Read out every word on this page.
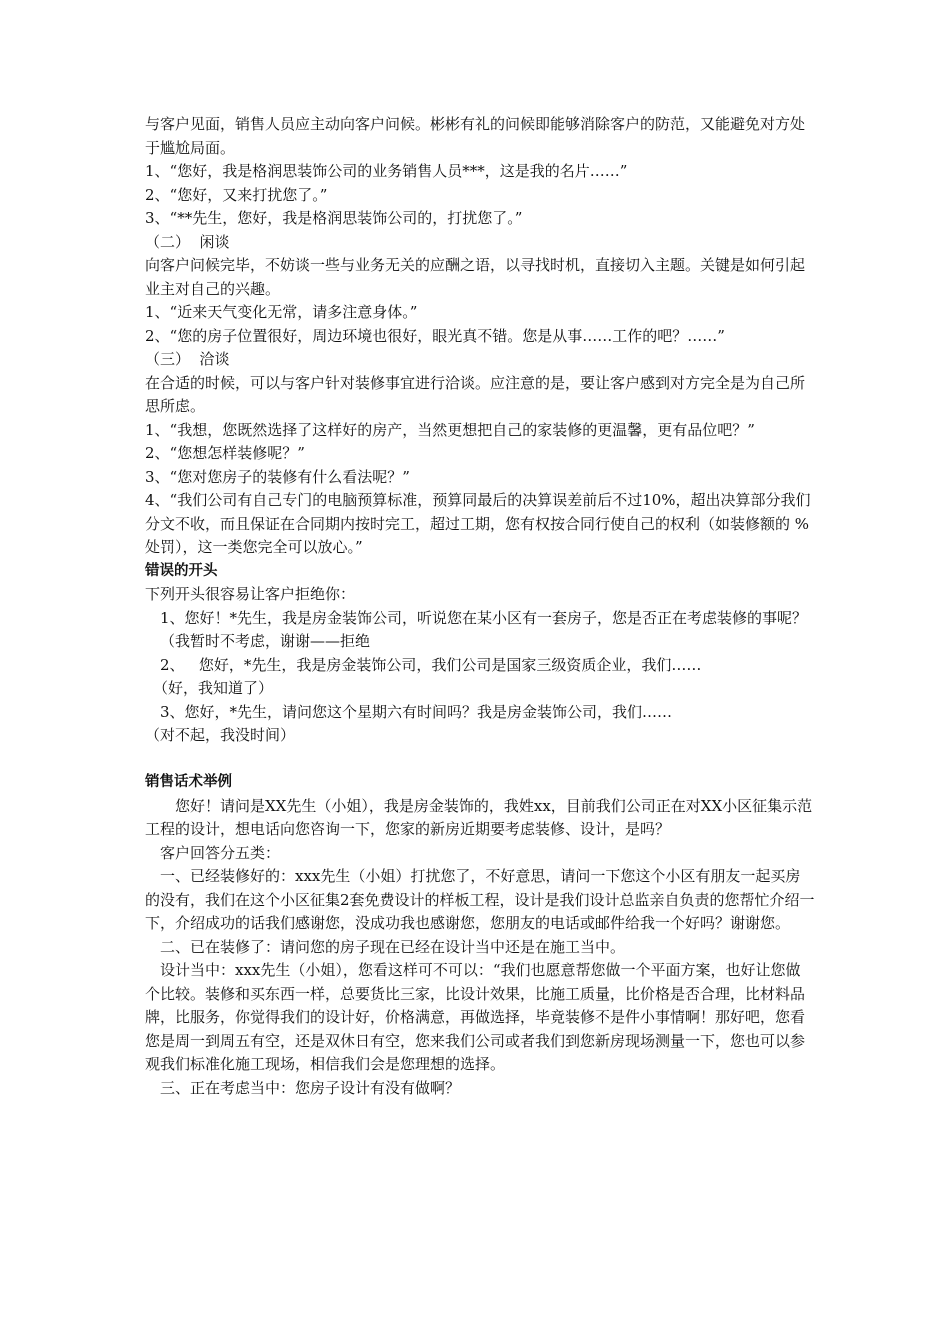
与客户见面，销售人员应主动向客户问候。彬彬有礼的问候即能够消除客户的防范，又能避免对方处于尴尬局面。

1、“您好，我是格润思装饰公司的业务销售人员***，这是我的名片……”

2、“您好，又来打扰您了。”

3、“**先生，您好，我是格润思装饰公司的，打扰您了。”

（二）  闲谈

向客户问候完毕，不妨谈一些与业务无关的应酬之语，以寻找时机，直接切入主题。关键是如何引起业主对自己的兴趣。

1、“近来天气变化无常，请多注意身体。”

2、“您的房子位置很好，周边环境也很好，眼光真不错。您是从事……工作的吧？……”

（三）  洽谈

在合适的时候，可以与客户针对装修事宜进行洽谈。应注意的是，要让客户感到对方完全是为自己所思所虑。

1、“我想，您既然选择了这样好的房产，当然更想把自己的家装修的更温馨，更有品位吧？”

2、“您想怎样装修呢？”

3、“您对您房子的装修有什么看法呢？”

4、“我们公司有自己专门的电脑预算标准，预算同最后的决算误差前后不过10%，超出决算部分我们分文不收，而且保证在合同期内按时完工，超过工期，您有权按合同行使自己的权利（如装修额的 %处罚），这一类您完全可以放心。”

错误的开头

下列开头很容易让客户拒绝你：

1、您好！*先生，我是房金装饰公司，听说您在某小区有一套房子，您是否正在考虑装修的事呢？（我暂时不考虑，谢谢——拒绝

2、   您好，*先生，我是房金装饰公司，我们公司是国家三级资质企业，我们……

（好，我知道了）

3、您好，*先生，请问您这个星期六有时间吗？我是房金装饰公司，我们……

（对不起，我没时间）

销售话术举例

您好！请问是XX先生（小姐），我是房金装饰的，我姓xx，目前我们公司正在对XX小区征集示范工程的设计，想电话向您咨询一下，您家的新房近期要考虑装修、设计，是吗？

客户回答分五类：

一、已经装修好的：xxx先生（小姐）打扰您了，不好意思，请问一下您这个小区有朋友一起买房的没有，我们在这个小区征集2套免费设计的样板工程，设计是我们设计总监亲自负责的您帮忙介绍一下，介绍成功的话我们感谢您，没成功我也感谢您，您朋友的电话或邮件给我一个好吗？谢谢您。

二、已在装修了：请问您的房子现在已经在设计当中还是在施工当中。

设计当中：xxx先生（小姐），您看这样可不可以：“我们也愿意帮您做一个平面方案，也好让您做个比较。装修和买东西一样，总要货比三家，比设计效果，比施工质量，比价格是否合理，比材料品牌，比服务，你觉得我们的设计好，价格满意，再做选择，毕竟装修不是件小事情啊！那好吧，您看您是周一到周五有空，还是双休日有空，您来我们公司或者我们到您新房现场测量一下，您也可以参观我们标准化施工现场，相信我们会是您理想的选择。

三、正在考虑当中：您房子设计有没有做啊？
